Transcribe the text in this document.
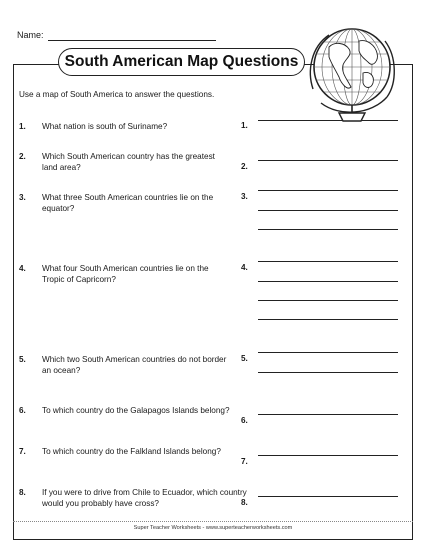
Name:
South American Map Questions
Use a map of South America to answer the questions.
1. What nation is south of Suriname?	1.
2. Which South American country has the greatest land area?	2.
3. What three South American countries lie on the equator?
3.
4. What four South American countries lie on the Tropic of Capricorn?
4.
5. Which two South American countries do not border an ocean?
5.
6. To which country do the Galapagos Islands belong?
6.
7. To which country do the Falkland Islands belong?
7.
8. If you were to drive from Chile to Ecuador, which country would you probably have cross?	8.
Super Teacher Worksheets - www.superteacherworksheets.com
